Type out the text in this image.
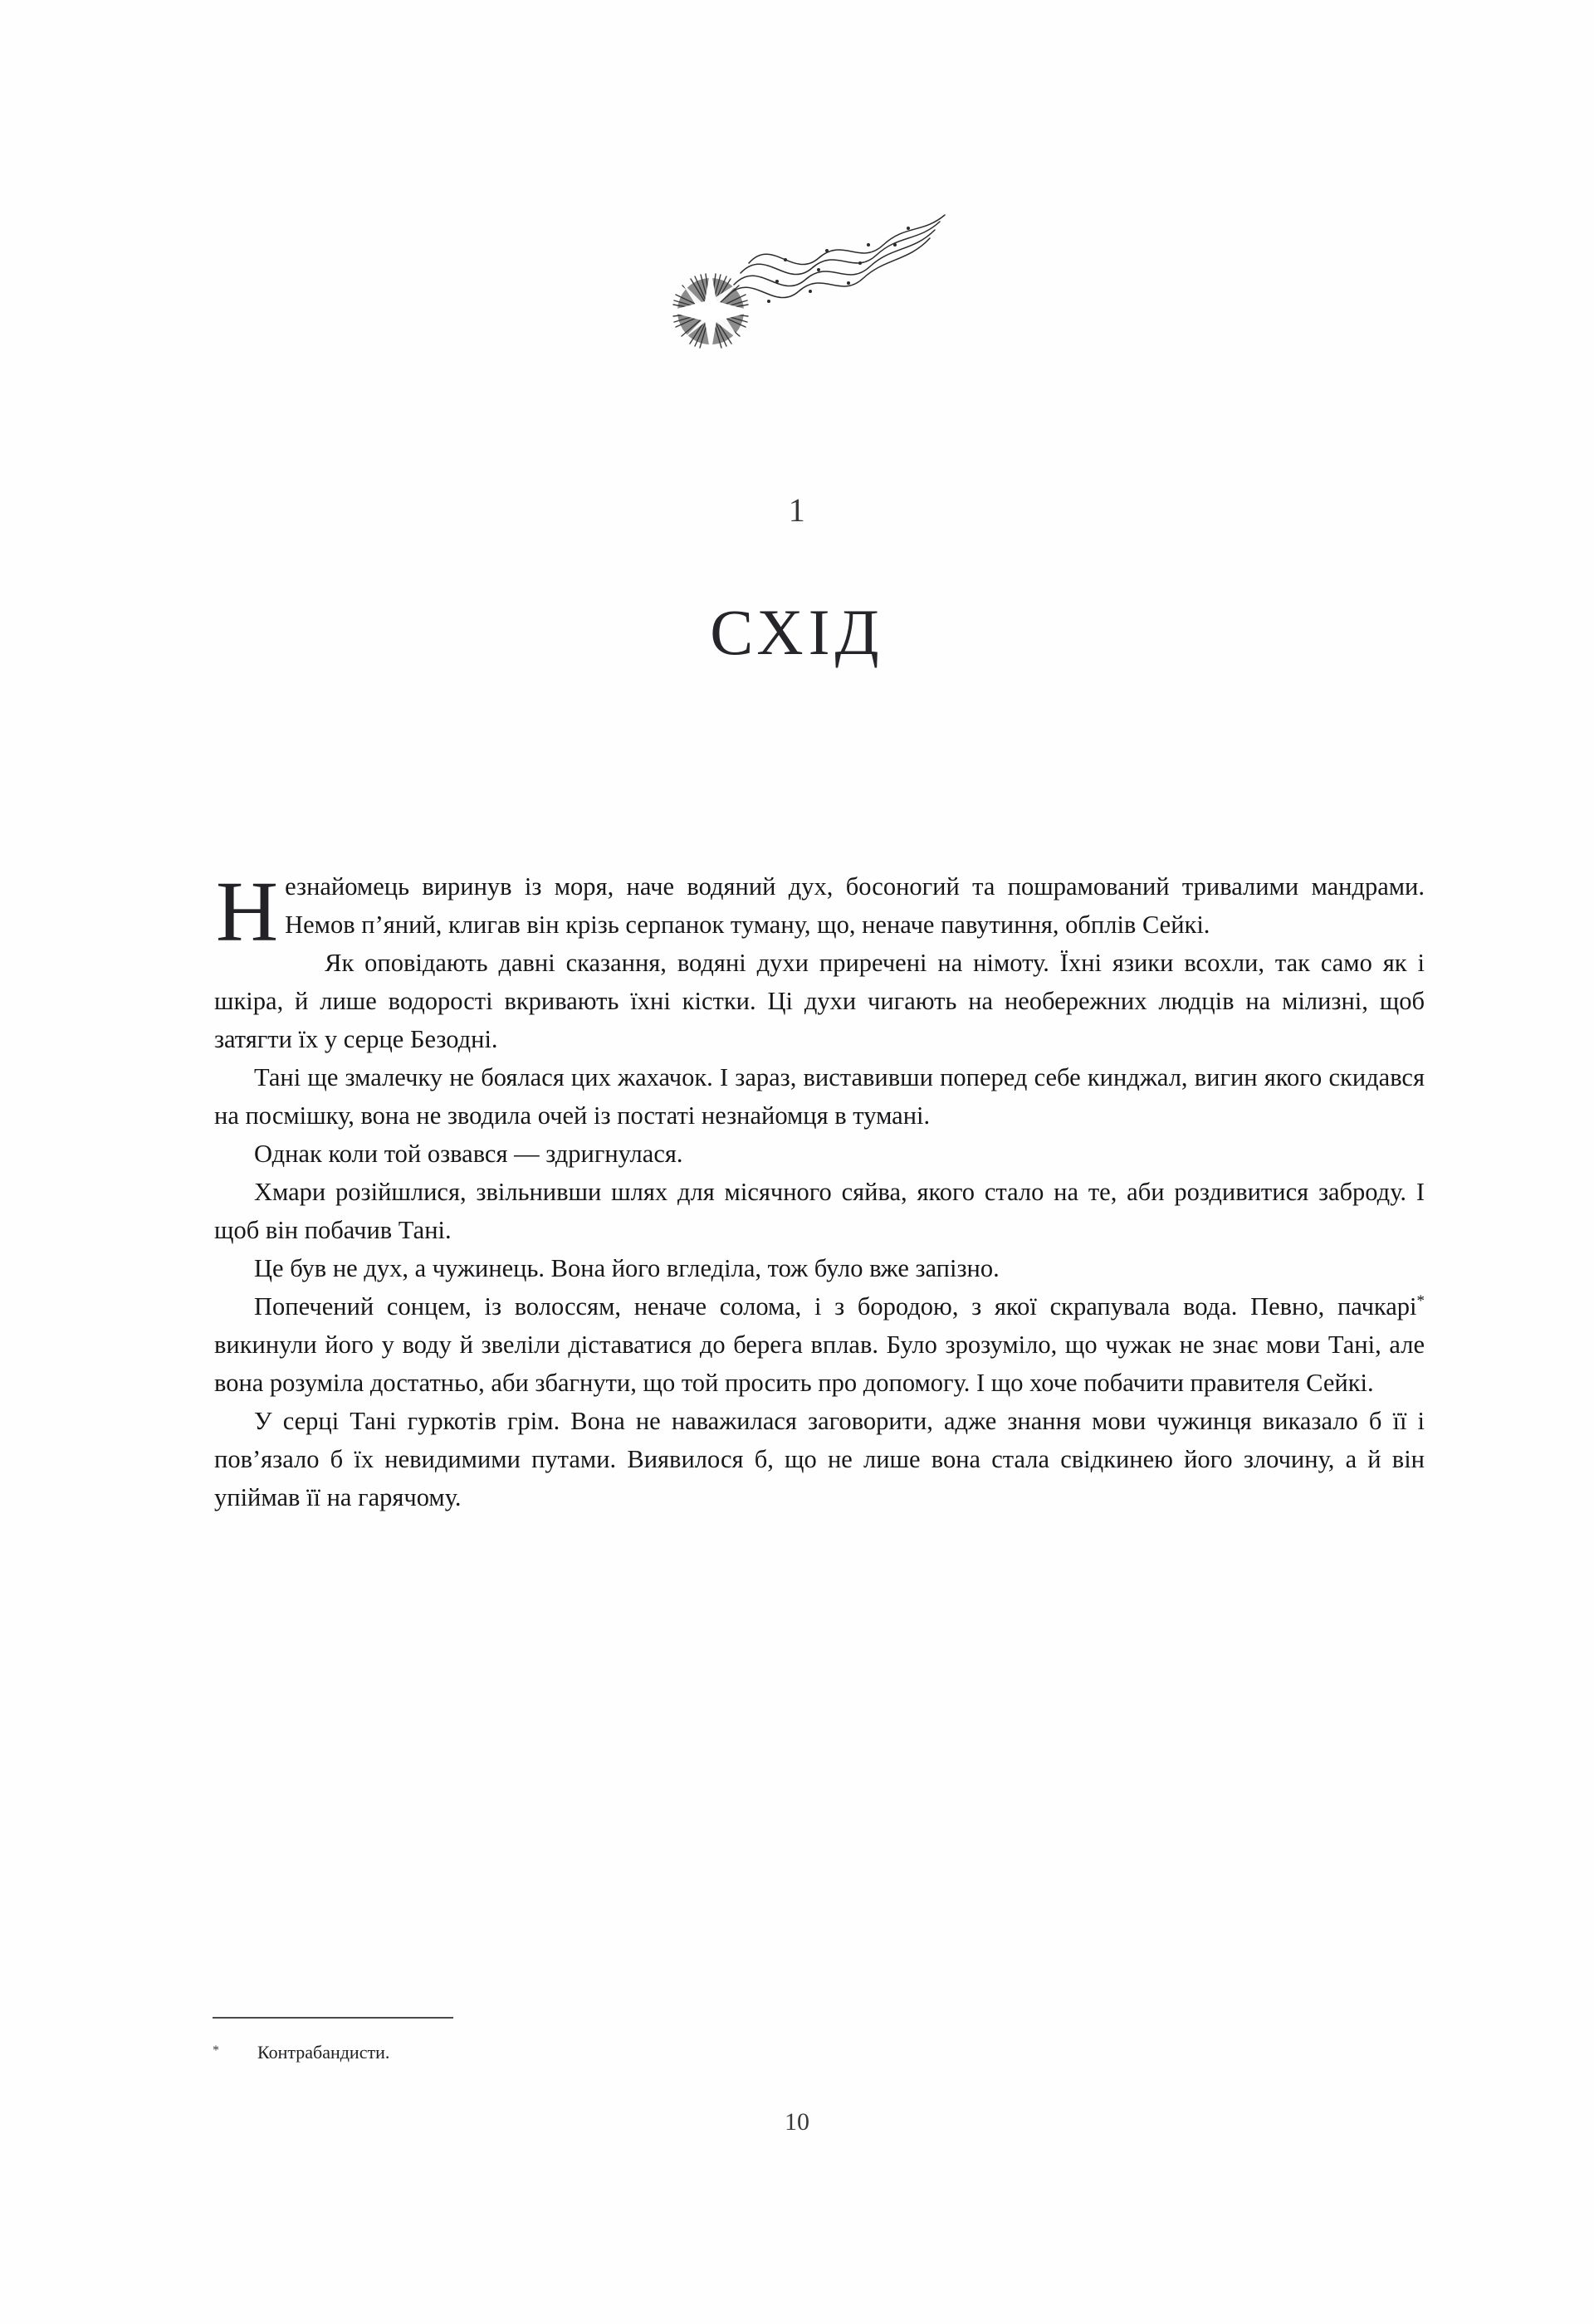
1
СХІД

Незнайомець виринув із моря, наче водяний дух, босоногий та пошрамований тривалими мандрами. Немов п’яний, клигав він крізь серпанок туману, що, неначе павутиння, обплів Сейкі.

Як оповідають давні сказання, водяні духи приречені на німоту. Їхні язики всохли, так само як і шкіра, й лише водорості вкривають їхні кістки. Ці духи чигають на необережних людців на мілизні, щоб затягти їх у серце Безодні.

Тані ще змалечку не боялася цих жахачок. І зараз, виставивши поперед себе кинджал, вигин якого скидався на посмішку, вона не зводила очей із постаті незнайомця в тумані.

Однак коли той озвався — здригнулася.

Хмари розійшлися, звільнивши шлях для місячного сяйва, якого стало на те, аби роздивитися заброду. І щоб він побачив Тані.

Це був не дух, а чужинець. Вона його вгледіла, тож було вже запізно.

Попечений сонцем, із волоссям, неначе солома, і з бородою, з якої скрапувала вода. Певно, пачкарі* викинули його у воду й звеліли діставатися до берега вплав. Було зрозуміло, що чужак не знає мови Тані, але вона розуміла достатньо, аби збагнути, що той просить про допомогу. І що хоче побачити правителя Сейкі.

У серці Тані гуркотів грім. Вона не наважилася заговорити, адже знання мови чужинця виказало б її і пов’язало б їх невидимими путами. Виявилося б, що не лише вона стала свідкинею його злочину, а й він упіймав її на гарячому.

* Контрабандисти.
10
